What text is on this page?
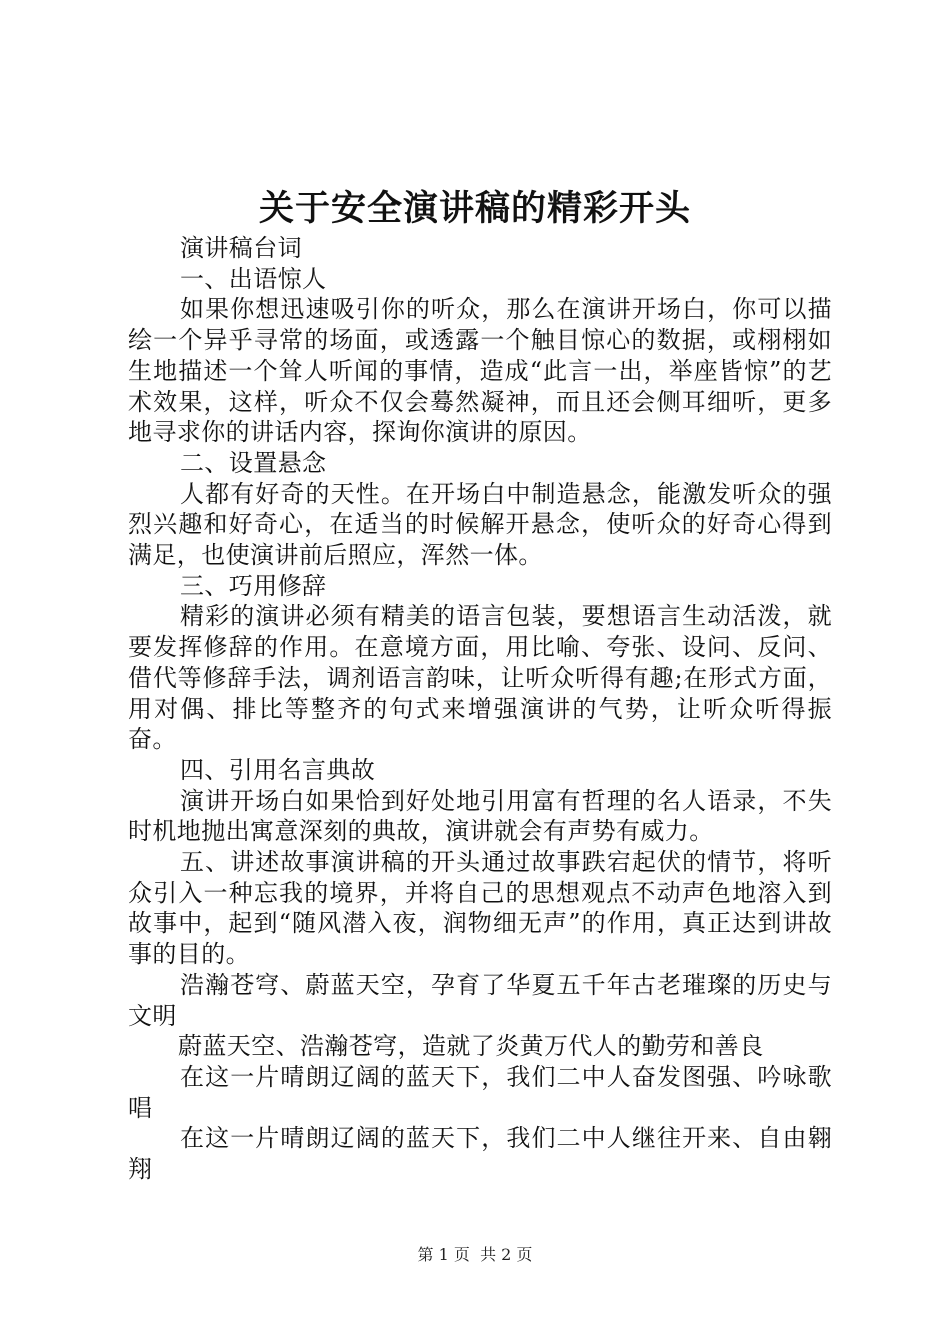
关于安全演讲稿的精彩开头

演讲稿台词

一、出语惊人

如果你想迅速吸引你的听众，那么在演讲开场白，你可以描绘一个异乎寻常的场面，或透露一个触目惊心的数据，或栩栩如生地描述一个耸人听闻的事情，造成“此言一出，举座皆惊”的艺术效果，这样，听众不仅会蓦然凝神，而且还会侧耳细听，更多地寻求你的讲话内容，探询你演讲的原因。

二、设置悬念

人都有好奇的天性。在开场白中制造悬念，能激发听众的强烈兴趣和好奇心，在适当的时候解开悬念，使听众的好奇心得到满足，也使演讲前后照应，浑然一体。

三、巧用修辞

精彩的演讲必须有精美的语言包装，要想语言生动活泼，就要发挥修辞的作用。在意境方面，用比喻、夸张、设问、反问、借代等修辞手法，调剂语言韵味，让听众听得有趣;在形式方面，用对偶、排比等整齐的句式来增强演讲的气势，让听众听得振奋。

四、引用名言典故

演讲开场白如果恰到好处地引用富有哲理的名人语录，不失时机地抛出寓意深刻的典故，演讲就会有声势有威力。

五、讲述故事演讲稿的开头通过故事跌宕起伏的情节，将听众引入一种忘我的境界，并将自己的思想观点不动声色地溶入到故事中，起到“随风潜入夜，润物细无声”的作用，真正达到讲故事的目的。

浩瀚苍穹、蔚蓝天空，孕育了华夏五千年古老璀璨的历史与文明

蔚蓝天空、浩瀚苍穹，造就了炎黄万代人的勤劳和善良

在这一片晴朗辽阔的蓝天下，我们二中人奋发图强、吟咏歌唱

在这一片晴朗辽阔的蓝天下，我们二中人继往开来、自由翱翔

第 1 页  共 2 页
